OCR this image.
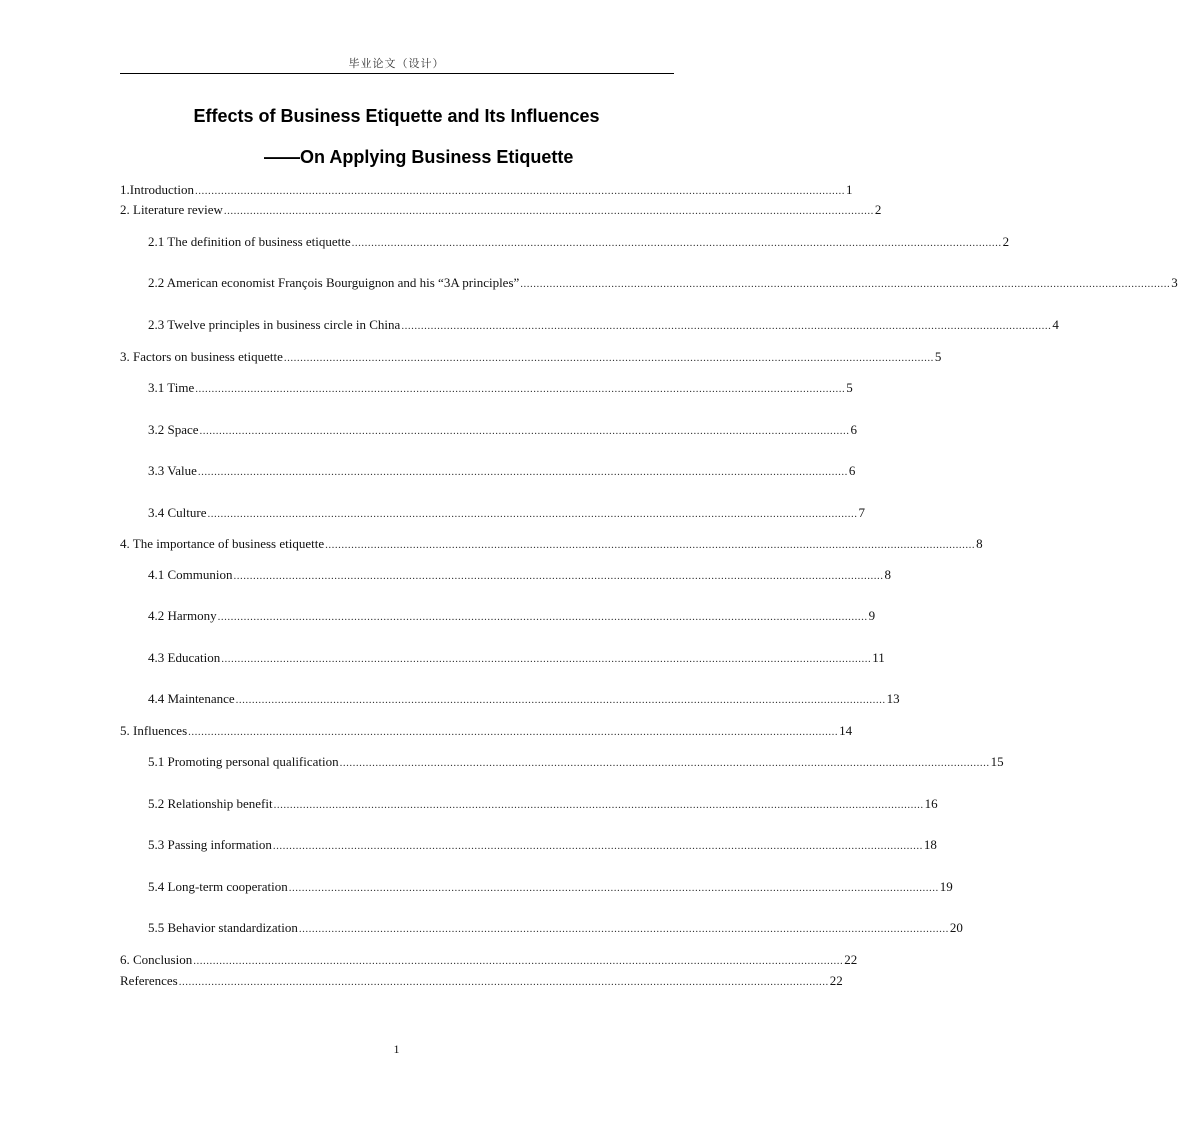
毕业论文（设计）
Effects of Business Etiquette and Its Influences
——On Applying Business Etiquette
1.Introduction ........................................................................................................................................................................................................ 1
2. Literature review ........................................................................................................................................................................................................ 2
2.1 The definition of business etiquette ........................................................................................................................................................................................................ 2
2.2 American economist François Bourguignon and his “3A principles” ........................................................................................................................................................................................................ 3
2.3 Twelve principles in business circle in China ........................................................................................................................................................................................................ 4
3. Factors on business etiquette ........................................................................................................................................................................................................ 5
3.1 Time ........................................................................................................................................................................................................ 5
3.2 Space ........................................................................................................................................................................................................ 6
3.3 Value ........................................................................................................................................................................................................ 6
3.4 Culture ........................................................................................................................................................................................................ 7
4. The importance of business etiquette ........................................................................................................................................................................................................ 8
4.1 Communion ........................................................................................................................................................................................................ 8
4.2 Harmony ........................................................................................................................................................................................................ 9
4.3 Education ........................................................................................................................................................................................................ 11
4.4 Maintenance ........................................................................................................................................................................................................ 13
5. Influences ........................................................................................................................................................................................................ 14
5.1 Promoting personal qualification ........................................................................................................................................................................................................ 15
5.2 Relationship benefit ........................................................................................................................................................................................................ 16
5.3 Passing information ........................................................................................................................................................................................................ 18
5.4 Long-term cooperation ........................................................................................................................................................................................................ 19
5.5 Behavior standardization ........................................................................................................................................................................................................ 20
6. Conclusion ........................................................................................................................................................................................................ 22
References ........................................................................................................................................................................................................ 22
1
